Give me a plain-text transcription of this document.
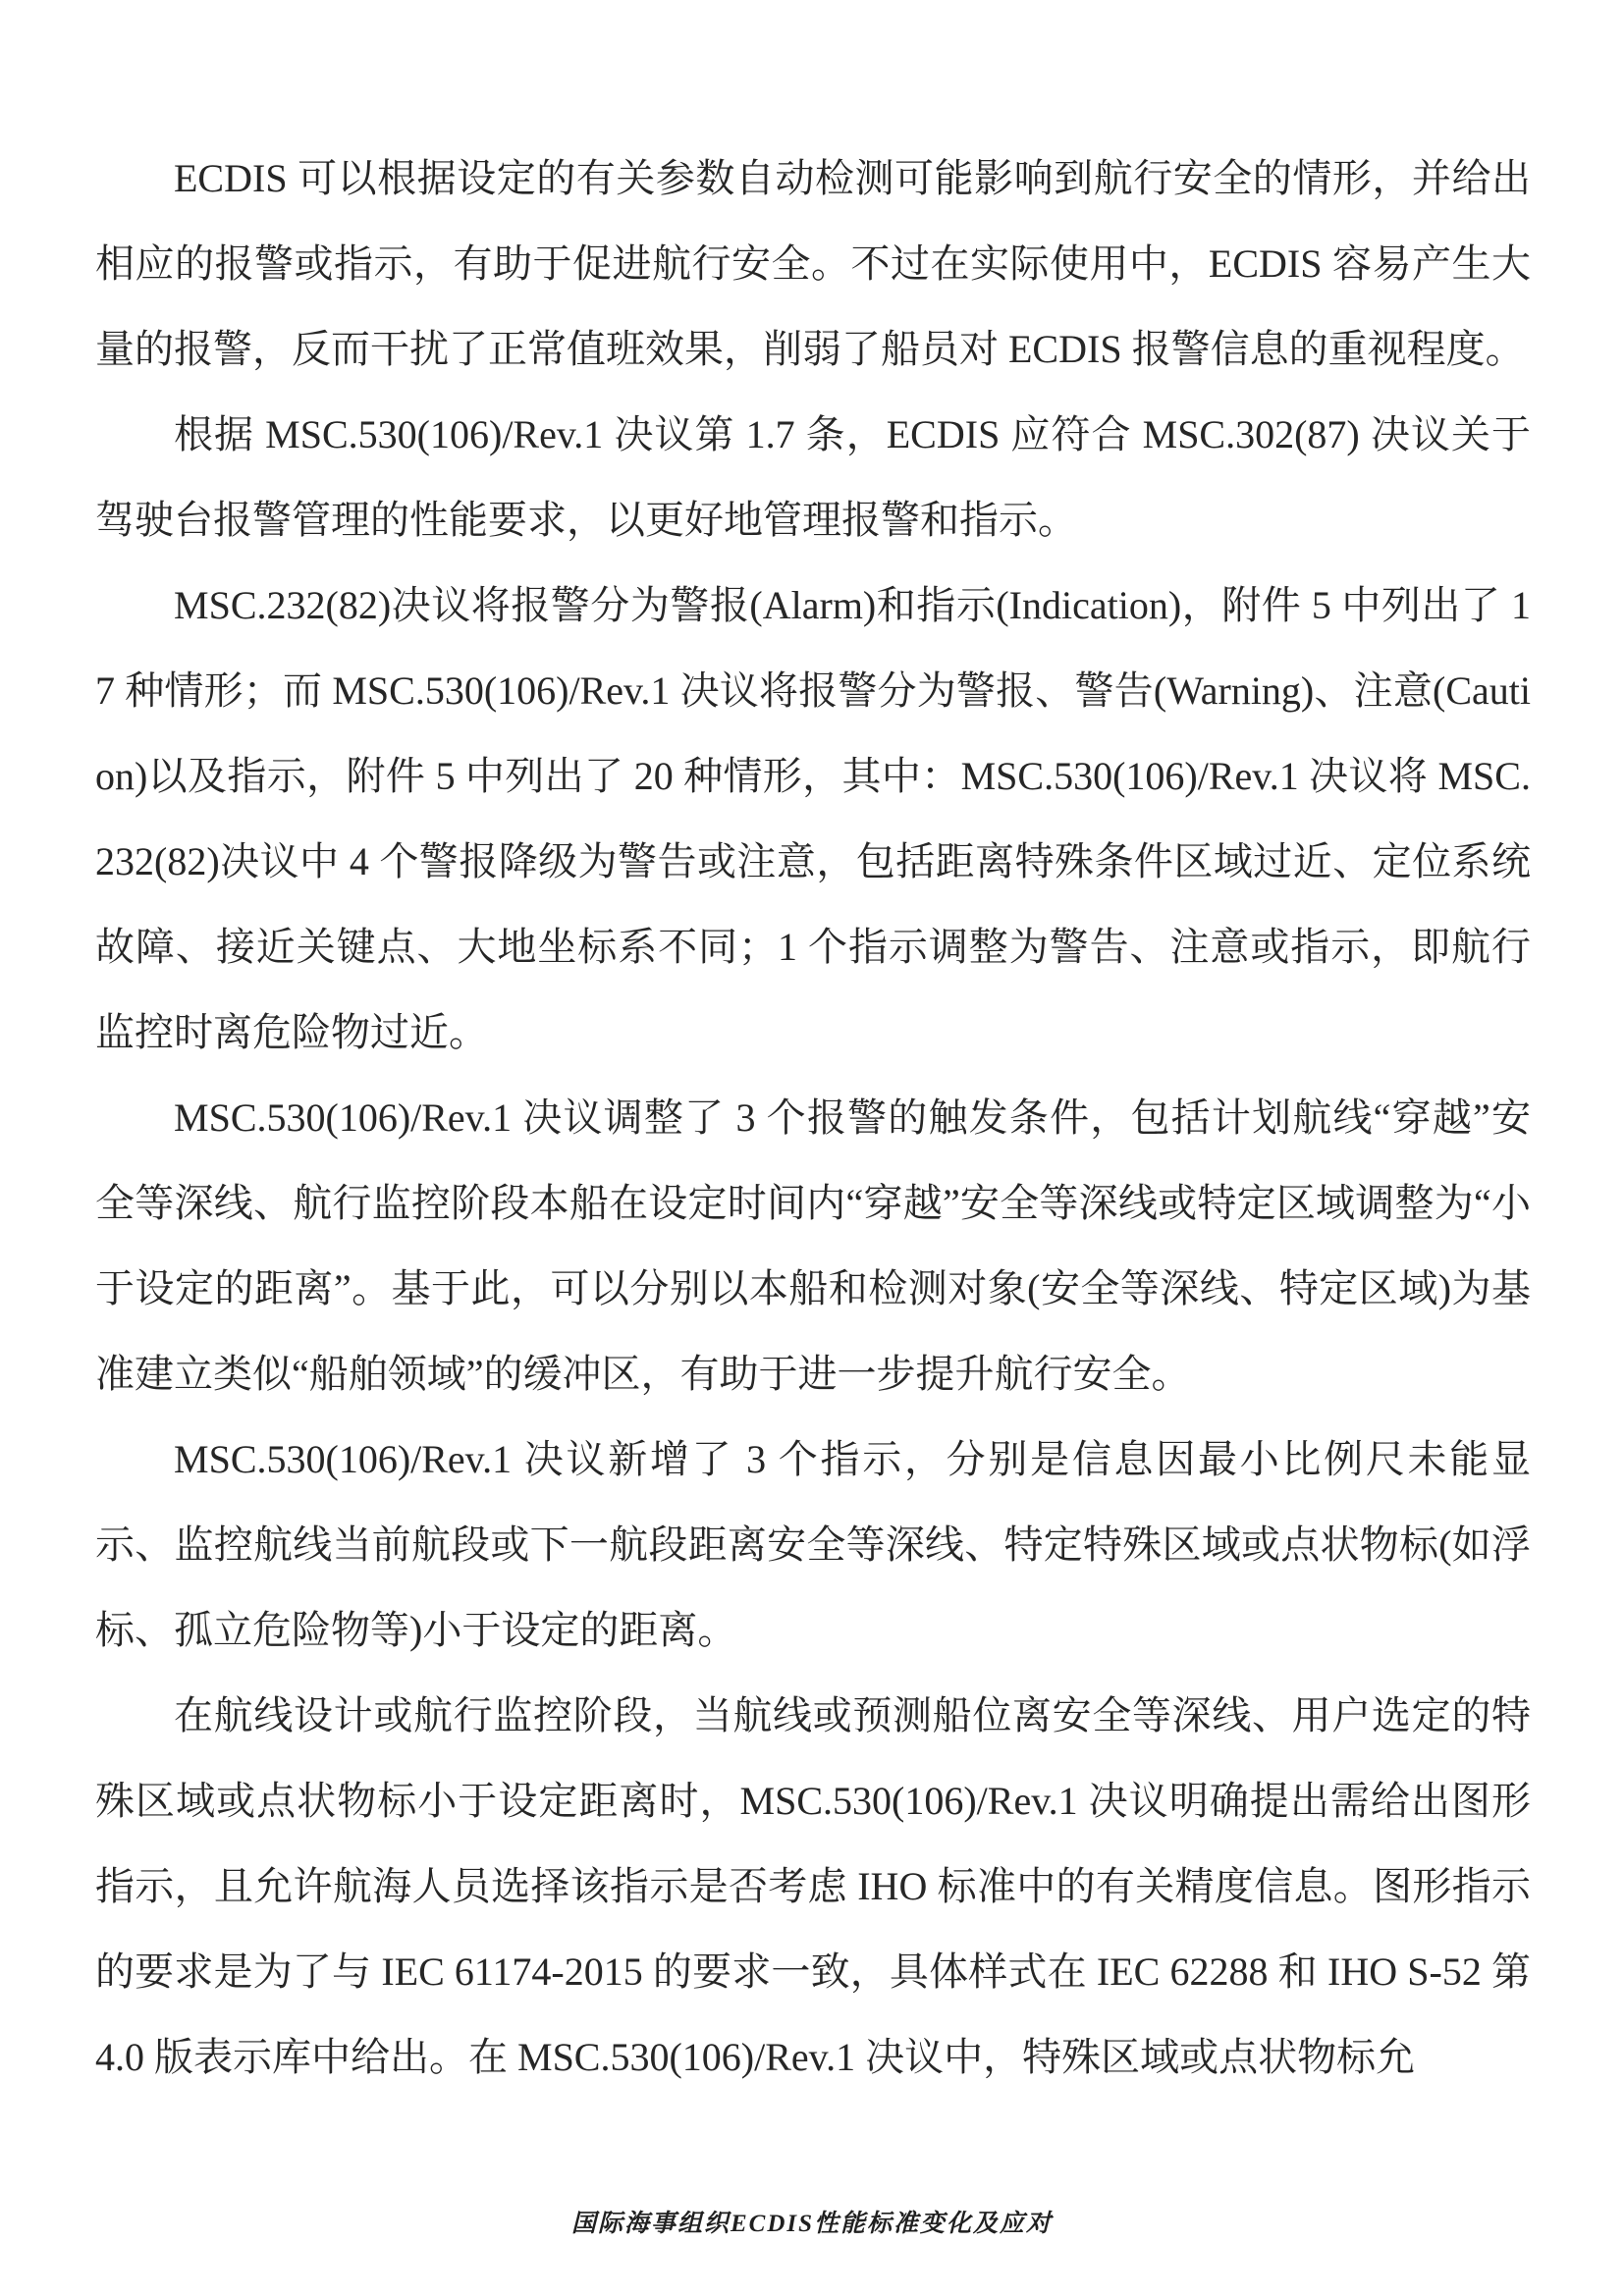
ECDIS 可以根据设定的有关参数自动检测可能影响到航行安全的情形，并给出相应的报警或指示，有助于促进航行安全。不过在实际使用中，ECDIS 容易产生大量的报警，反而干扰了正常值班效果，削弱了船员对 ECDIS 报警信息的重视程度。

根据 MSC.530(106)/Rev.1 决议第 1.7 条，ECDIS 应符合 MSC.302(87) 决议关于驾驶台报警管理的性能要求，以更好地管理报警和指示。

MSC.232(82)决议将报警分为警报(Alarm)和指示(Indication)，附件 5 中列出了 17 种情形；而 MSC.530(106)/Rev.1 决议将报警分为警报、警告(Warning)、注意(Caution)以及指示，附件 5 中列出了 20 种情形，其中：MSC.530(106)/Rev.1 决议将 MSC.232(82)决议中 4 个警报降级为警告或注意，包括距离特殊条件区域过近、定位系统故障、接近关键点、大地坐标系不同；1 个指示调整为警告、注意或指示，即航行监控时离危险物过近。

MSC.530(106)/Rev.1 决议调整了 3 个报警的触发条件，包括计划航线“穿越”安全等深线、航行监控阶段本船在设定时间内“穿越”安全等深线或特定区域调整为“小于设定的距离”。基于此，可以分别以本船和检测对象(安全等深线、特定区域)为基准建立类似“船舶领域”的缓冲区，有助于进一步提升航行安全。

MSC.530(106)/Rev.1 决议新增了 3 个指示，分别是信息因最小比例尺未能显示、监控航线当前航段或下一航段距离安全等深线、特定特殊区域或点状物标(如浮标、孤立危险物等)小于设定的距离。

在航线设计或航行监控阶段，当航线或预测船位离安全等深线、用户选定的特殊区域或点状物标小于设定距离时，MSC.530(106)/Rev.1 决议明确提出需给出图形指示，且允许航海人员选择该指示是否考虑 IHO 标准中的有关精度信息。图形指示的要求是为了与 IEC 61174-2015 的要求一致，具体样式在 IEC 62288 和 IHO S-52 第 4.0 版表示库中给出。在 MSC.530(106)/Rev.1 决议中，特殊区域或点状物标允

国际海事组织ECDIS性能标准变化及应对
